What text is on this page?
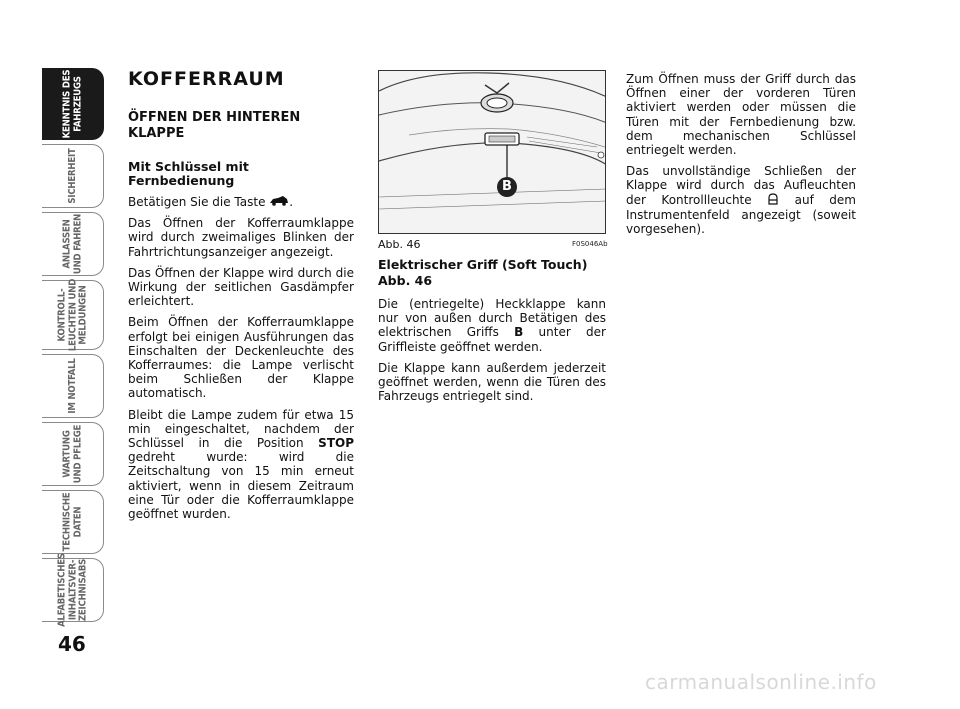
KENNTNIS DES
FAHRZEUGS
SICHERHEIT
ANLASSEN
UND FAHREN
KONTROLL-
LEUCHTEN UND
MELDUNGEN
IM NOTFALL
WARTUNG
UND PFLEGE
TECHNISCHE
DATEN
ALFABETISCHES
INHALTSVER-
ZEICHNISABS
46
KOFFERRAUM
ÖFFNEN DER HINTEREN KLAPPE
Mit Schlüssel mit Fernbedienung

Betätigen Sie die Taste .

Das Öffnen der Kofferraumklappe wird durch zweimaliges Blinken der Fahrtrichtungsanzeiger angezeigt.

Das Öffnen der Klappe wird durch die Wirkung der seitlichen Gasdämpfer erleichtert.

Beim Öffnen der Kofferraumklappe erfolgt bei einigen Ausführungen das Einschalten der Deckenleuchte des Kofferraumes: die Lampe verlischt beim Schließen der Klappe automatisch.

Bleibt die Lampe zudem für etwa 15 min eingeschaltet, nachdem der Schlüssel in die Position STOP gedreht wurde: wird die Zeitschaltung von 15 min erneut aktiviert, wenn in diesem Zeitraum eine Tür oder die Kofferraumklappe geöffnet wurden.

B
Abb. 46	F0S046Ab
Elektrischer Griff (Soft Touch) Abb. 46

Die (entriegelte) Heckklappe kann nur von außen durch Betätigen des elektrischen Griffs B unter der Griffleiste geöffnet werden.

Die Klappe kann außerdem jederzeit geöffnet werden, wenn die Türen des Fahrzeugs entriegelt sind.

Zum Öffnen muss der Griff durch das Öffnen einer der vorderen Türen aktiviert werden oder müssen die Türen mit der Fernbedienung bzw. dem mechanischen Schlüssel entriegelt werden.

Das unvollständige Schließen der Klappe wird durch das Aufleuchten der Kontrollleuchte	auf dem Instrumentenfeld angezeigt (soweit vorgesehen).

carmanualsonline.info
